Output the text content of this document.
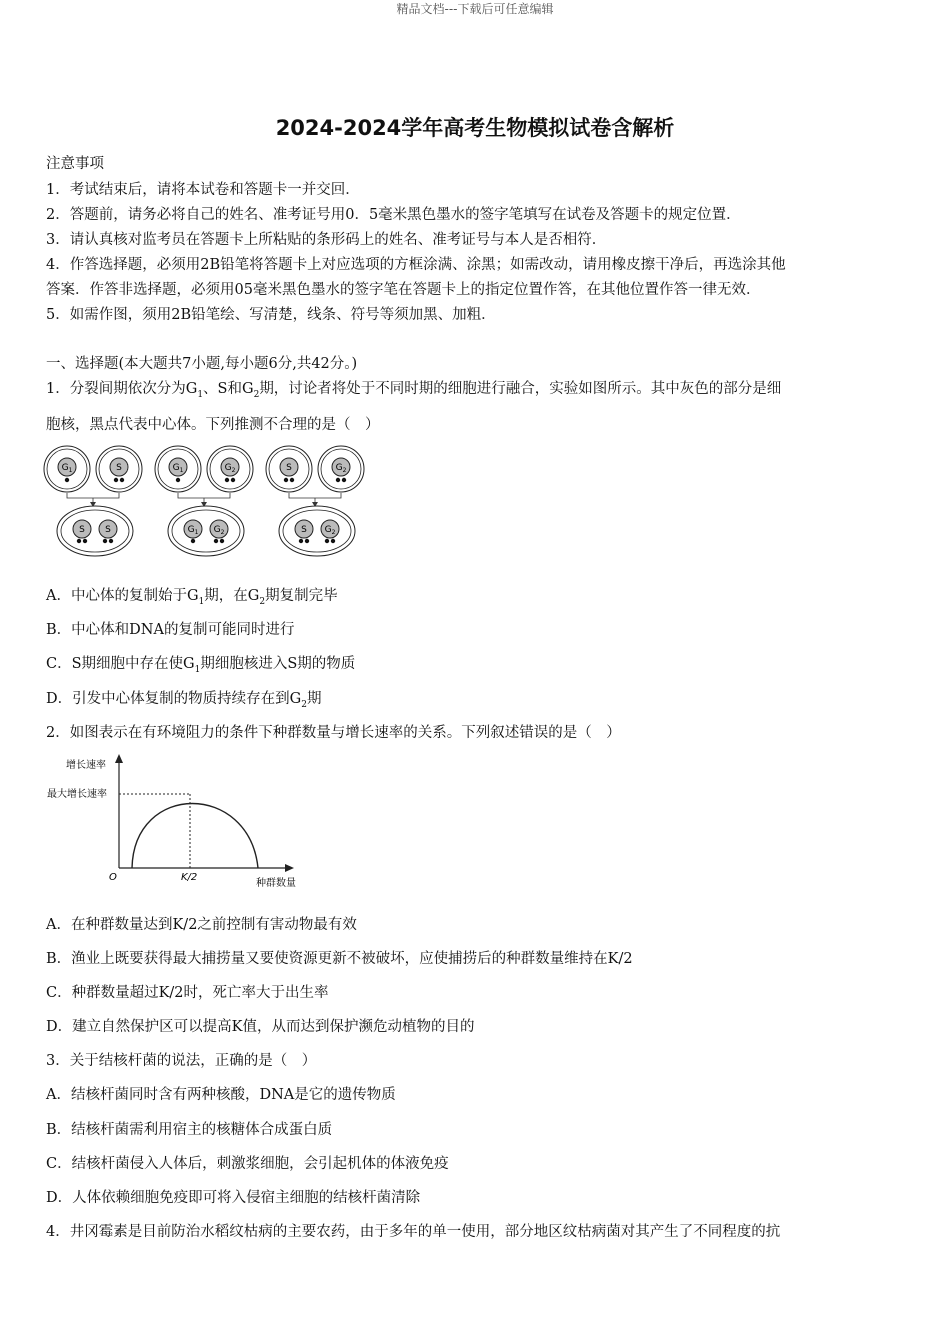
精品文档---下载后可任意编辑
2024-2024学年高考生物模拟试卷含解析
注意事项
1．考试结束后，请将本试卷和答题卡一并交回．
2．答题前，请务必将自己的姓名、准考证号用0．5毫米黑色墨水的签字笔填写在试卷及答题卡的规定位置．
3．请认真核对监考员在答题卡上所粘贴的条形码上的姓名、准考证号与本人是否相符．
4．作答选择题，必须用2B铅笔将答题卡上对应选项的方框涂满、涂黑；如需改动，请用橡皮擦干净后，再选涂其他
答案．作答非选择题，必须用05毫米黑色墨水的签字笔在答题卡上的指定位置作答，在其他位置作答一律无效．
5．如需作图，须用2B铅笔绘、写清楚，线条、符号等须加黑、加粗．
一、选择题(本大题共7小题,每小题6分,共42分。)
1．分裂间期依次分为$G_1$、S和$G_2$期，讨论者将处于不同时期的细胞进行融合，实验如图所示。其中灰色的部分是细
胞核，黑点代表中心体。下列推测不合理的是（　）
$G_1$	S
S S
$G_1$	$G_2$
$G_1$ $G_2$
S	$G_2$
S $G_2$
A．中心体的复制始于$G_1$期，在$G_2$期复制完毕
B．中心体和DNA的复制可能同时进行
C．S期细胞中存在使$G_1$期细胞核进入S期的物质
D．引发中心体复制的物质持续存在到$G_2$期
2．如图表示在有环境阻力的条件下种群数量与增长速率的关系。下列叙述错误的是（　）
增长速率
最大增长速率
O	K/2
种群数量
A．在种群数量达到K/2之前控制有害动物最有效
B．渔业上既要获得最大捕捞量又要使资源更新不被破坏，应使捕捞后的种群数量维持在K/2
C．种群数量超过K/2时，死亡率大于出生率
D．建立自然保护区可以提高K值，从而达到保护濒危动植物的目的
3．关于结核杆菌的说法，正确的是（　）
A．结核杆菌同时含有两种核酸，DNA是它的遗传物质
B．结核杆菌需利用宿主的核糖体合成蛋白质
C．结核杆菌侵入人体后，刺激浆细胞，会引起机体的体液免疫
D．人体依赖细胞免疫即可将入侵宿主细胞的结核杆菌清除
4．井冈霉素是目前防治水稻纹枯病的主要农药，由于多年的单一使用，部分地区纹枯病菌对其产生了不同程度的抗
